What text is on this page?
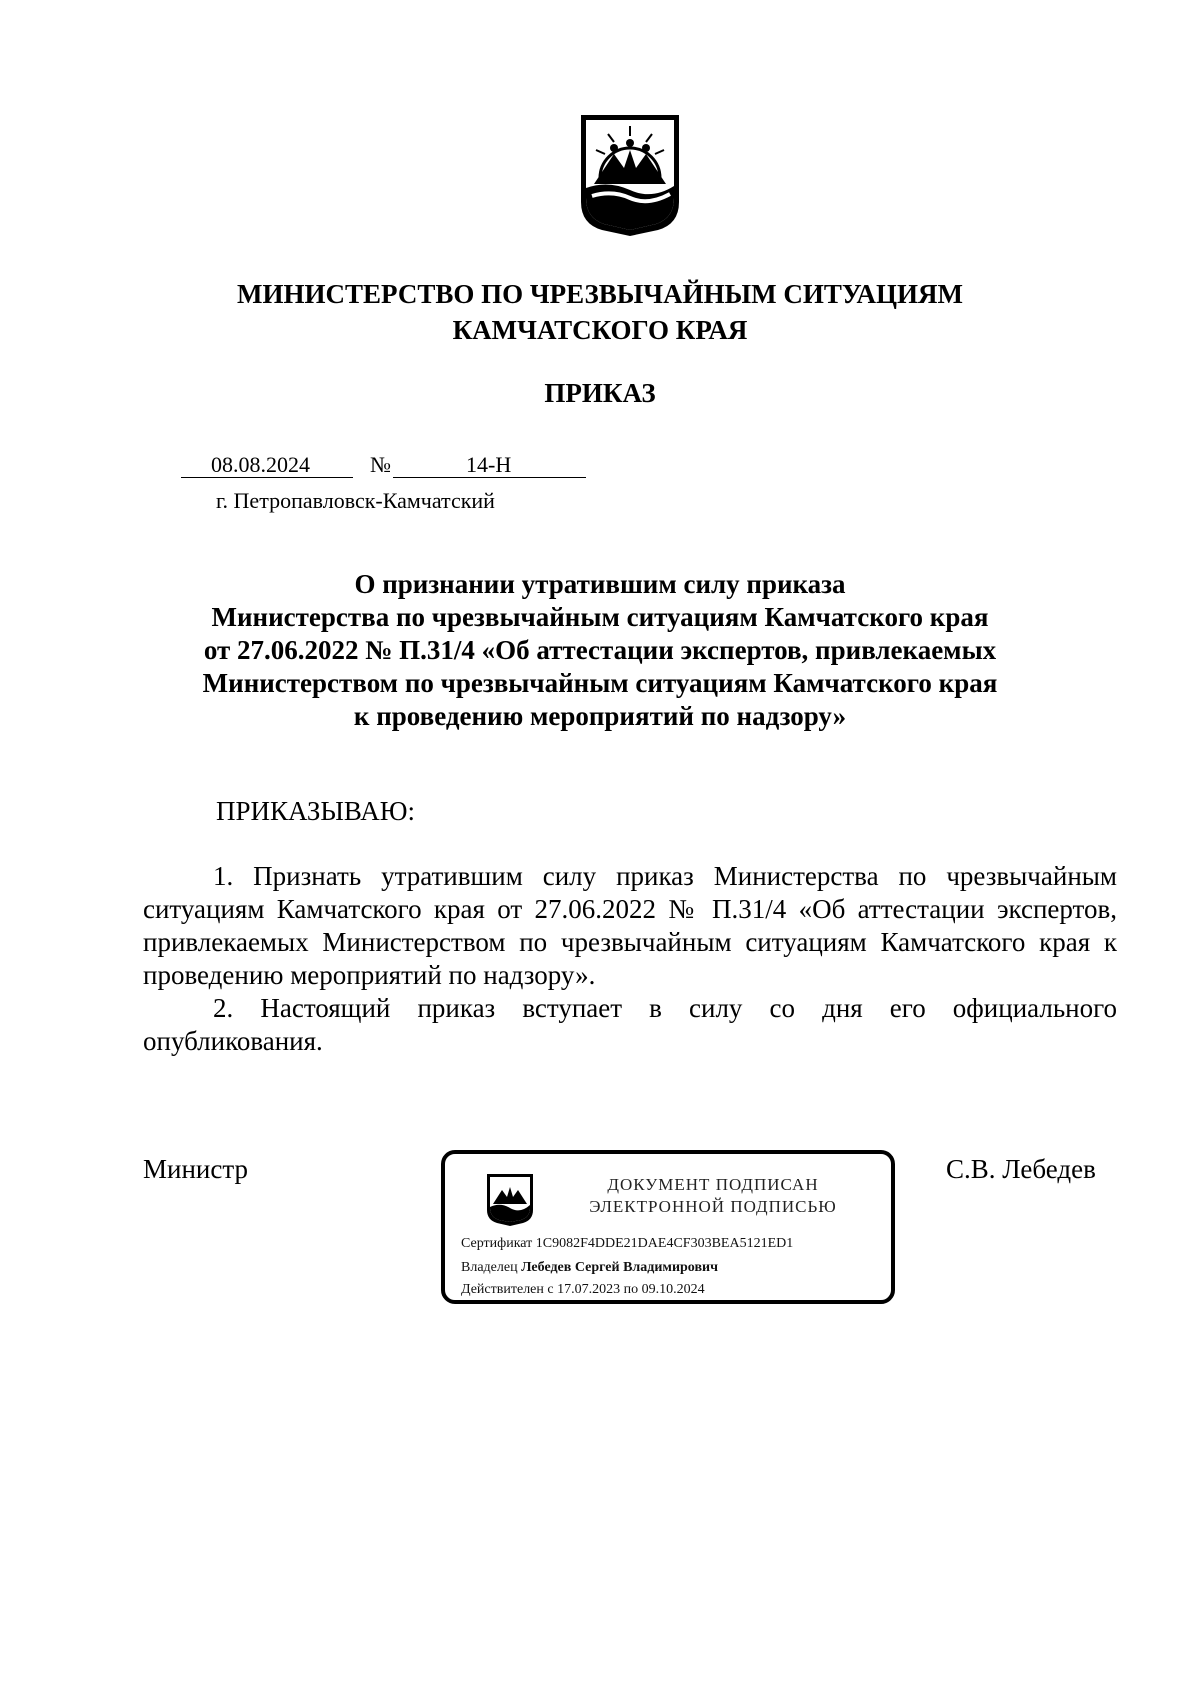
МИНИСТЕРСТВО ПО ЧРЕЗВЫЧАЙНЫМ СИТУАЦИЯМ
КАМЧАТСКОГО КРАЯ
ПРИКАЗ
08.08.2024	№	14-Н
г. Петропавловск-Камчатский
О признании утратившим силу приказа
Министерства по чрезвычайным ситуациям Камчатского края
от 27.06.2022 № П.31/4 «Об аттестации экспертов, привлекаемых
Министерством по чрезвычайным ситуациям Камчатского края
к проведению мероприятий по надзору»
ПРИКАЗЫВАЮ:

1. Признать утратившим силу приказ Министерства по чрезвычайным ситуациям Камчатского края от 27.06.2022 № П.31/4 «Об аттестации экспертов, привлекаемых Министерством по чрезвычайным ситуациям Камчатского края к проведению мероприятий по надзору».

2. Настоящий приказ вступает в силу со дня его официального опубликования.

Министр	С.В. Лебедев
ДОКУМЕНТ ПОДПИСАН
ЭЛЕКТРОННОЙ ПОДПИСЬЮ
Сертификат 1C9082F4DDE21DAE4CF303BEA5121ED1
Владелец Лебедев Сергей Владимирович
Действителен с 17.07.2023 по 09.10.2024
